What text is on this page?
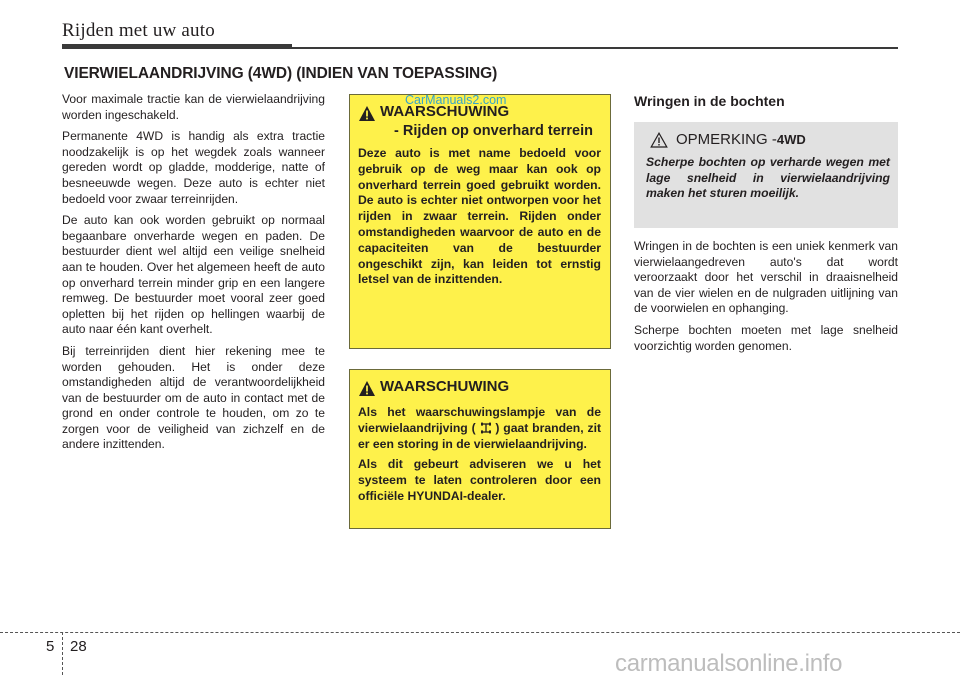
Rijden met uw auto
VIERWIELAANDRIJVING (4WD) (INDIEN VAN TOEPASSING)

Voor maximale tractie kan de vierwielaandrijving worden ingeschakeld.

Permanente 4WD is handig als extra tractie noodzakelijk is op het wegdek zoals wanneer gereden wordt op gladde, modderige, natte of besneeuwde wegen. Deze auto is echter niet bedoeld voor zwaar terreinrijden.

De auto kan ook worden gebruikt op normaal begaanbare onverharde wegen en paden. De bestuurder dient wel altijd een veilige snelheid aan te houden. Over het algemeen heeft de auto op onverhard terrein minder grip en een langere remweg. De bestuurder moet vooral zeer goed opletten bij het rijden op hellingen waarbij de auto naar één kant overhelt.

Bij terreinrijden dient hier rekening mee te worden gehouden. Het is onder deze omstandigheden altijd de verantwoordelijkheid van de bestuurder om de auto in contact met de grond en onder controle te houden, om zo te zorgen voor de veiligheid van zichzelf en de andere inzittenden.

WAARSCHUWING
- Rijden op onverhard terrein

Deze auto is met name bedoeld voor gebruik op de weg maar kan ook op onverhard terrein goed gebruikt worden. De auto is echter niet ontworpen voor het rijden in zwaar terrein. Rijden onder omstandigheden waarvoor de auto en de capaciteiten van de bestuurder ongeschikt zijn, kan leiden tot ernstig letsel van de inzittenden.

CarManuals2.com
WAARSCHUWING

Als het waarschuwingslampje van de vierwielaandrijving ( ) gaat branden, zit er een storing in de vierwielaandrijving.

Als dit gebeurt adviseren we u het systeem te laten controleren door een officiële HYUNDAI-dealer.

Wringen in de bochten
OPMERKING - 4WD

Scherpe bochten op verharde wegen met lage snelheid in vierwielaandrijving maken het sturen moeilijk.

Wringen in de bochten is een uniek kenmerk van vierwielaangedreven auto's dat wordt veroorzaakt door het verschil in draaisnelheid van de vier wielen en de nulgraden uitlijning van de voorwielen en ophanging.

Scherpe bochten moeten met lage snelheid voorzichtig worden genomen.

5 28
carmanualsonline.info
